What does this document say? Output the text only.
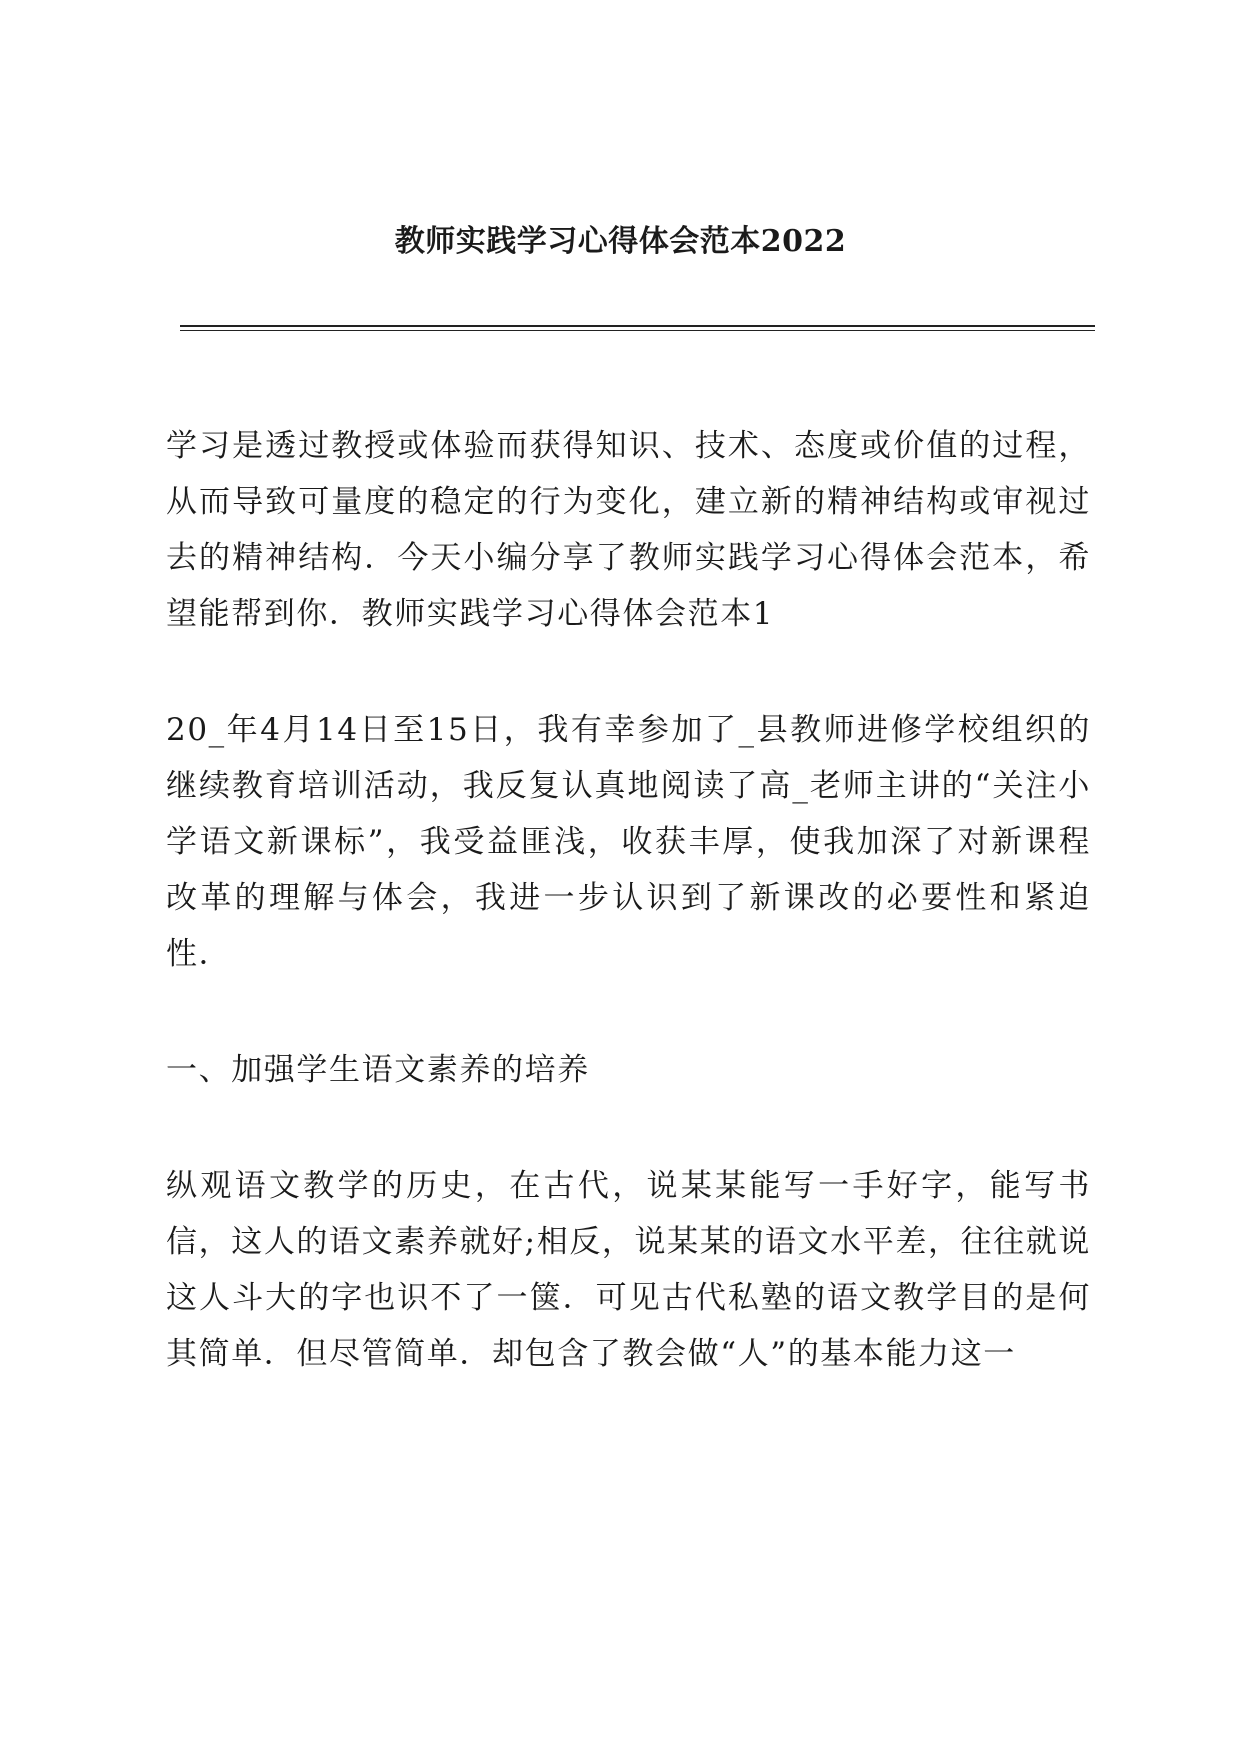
教师实践学习心得体会范本2022

学习是透过教授或体验而获得知识、技术、态度或价值的过程，从而导致可量度的稳定的行为变化，建立新的精神结构或审视过去的精神结构．今天小编分享了教师实践学习心得体会范本，希望能帮到你．教师实践学习心得体会范本1

20_年4月14日至15日，我有幸参加了_县教师进修学校组织的继续教育培训活动，我反复认真地阅读了高_老师主讲的“关注小学语文新课标”，我受益匪浅，收获丰厚，使我加深了对新课程改革的理解与体会，我进一步认识到了新课改的必要性和紧迫性．

一、加强学生语文素养的培养

纵观语文教学的历史，在古代，说某某能写一手好字，能写书信，这人的语文素养就好;相反，说某某的语文水平差，往往就说这人斗大的字也识不了一箧．可见古代私塾的语文教学目的是何其简单．但尽管简单．却包含了教会做“人”的基本能力这一
